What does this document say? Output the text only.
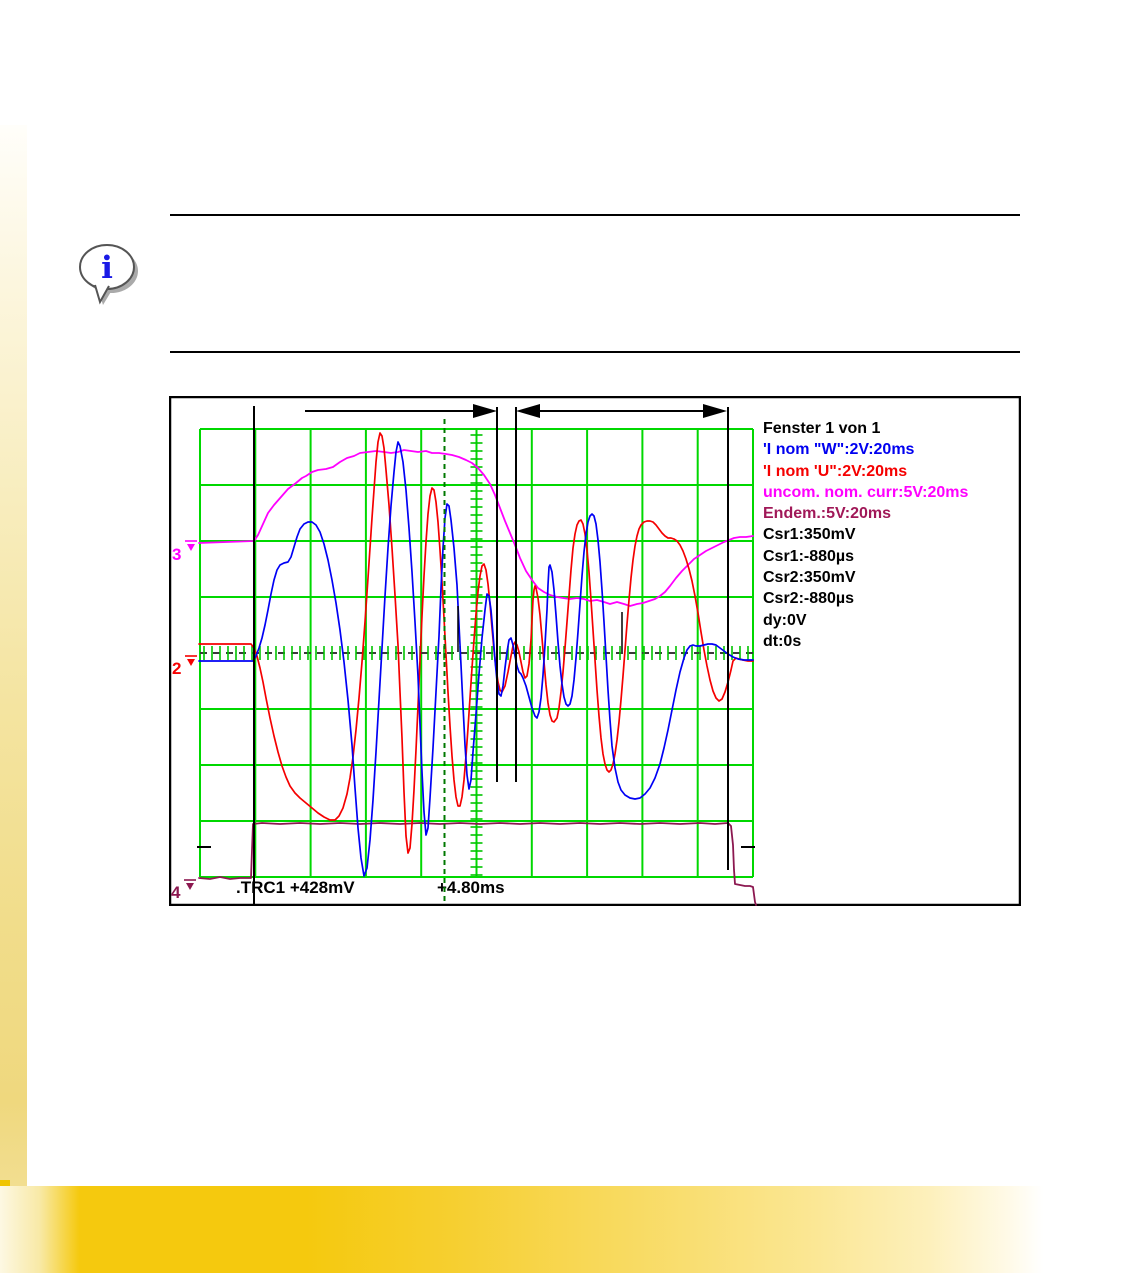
i
.TRC1 +428mV	+4.80ms
3
2
4
Fenster 1 von 1
'I nom "W":2V:20ms
'I nom 'U":2V:20ms
uncom. nom. curr:5V:20ms
Endem.:5V:20ms
Csr1:350mV
Csr1:-880µs
Csr2:350mV
Csr2:-880µs
dy:0V
dt:0s
